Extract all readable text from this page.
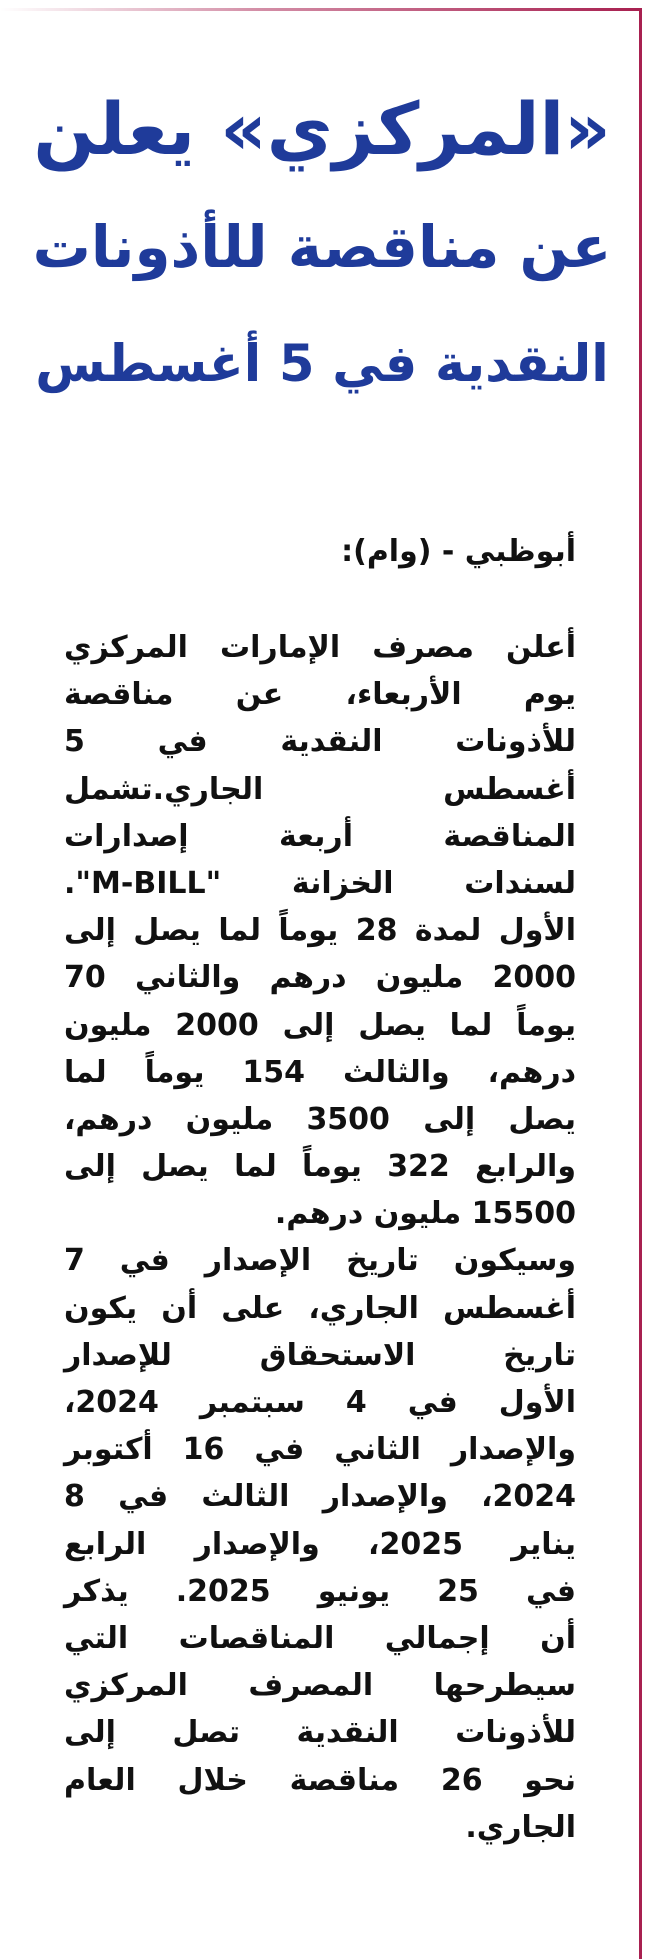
«المركزي» يعلن
عن مناقصة للأذونات
النقدية في 5 أغسطس

أبوظبي - (وام):

أعلن مصرف الإمارات المركزي
يوم الأربعاء، عن مناقصة
للأذونات النقدية في 5
أغسطس الجاري.تشمل
المناقصة أربعة إصدارات
لسندات الخزانة "M-BILL".
الأول لمدة 28 يوماً لما يصل إلى
2000 مليون درهم والثاني 70
يوماً لما يصل إلى 2000 مليون
درهم، والثالث 154 يوماً لما
يصل إلى 3500 مليون درهم،
والرابع 322 يوماً لما يصل إلى
15500 مليون درهم.
وسيكون تاريخ الإصدار في 7
أغسطس الجاري، على أن يكون
تاريخ الاستحقاق للإصدار
الأول في 4 سبتمبر 2024،
والإصدار الثاني في 16 أكتوبر
2024، والإصدار الثالث في 8
يناير 2025، والإصدار الرابع
في 25 يونيو 2025. يذكر
أن إجمالي المناقصات التي
سيطرحها المصرف المركزي
للأذونات النقدية تصل إلى
نحو 26 مناقصة خلال العام
الجاري.
